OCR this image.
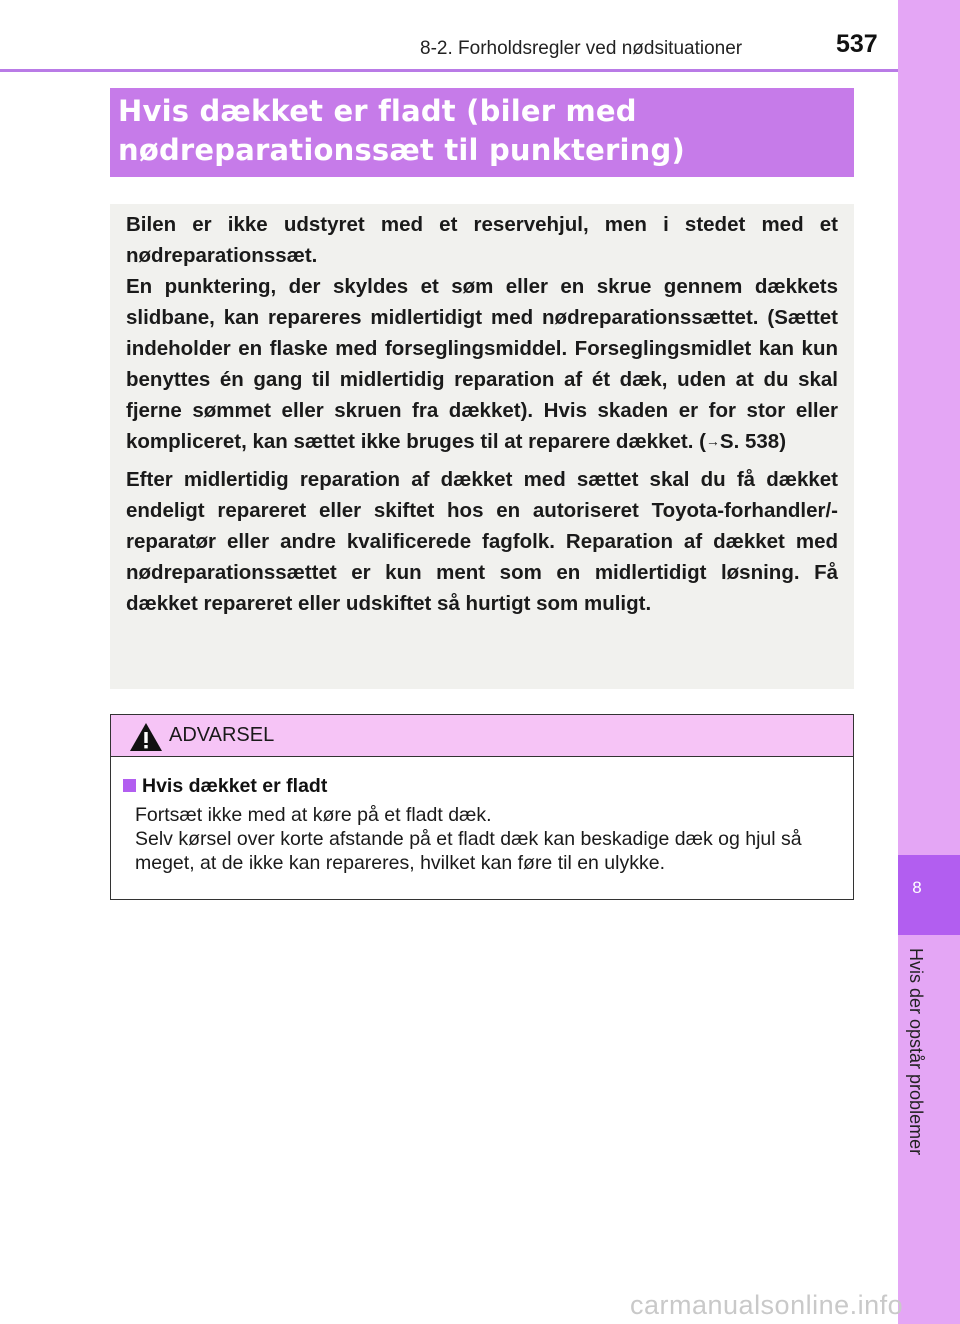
8-2. Forholdsregler ved nødsituationer	537
8
Hvis der opstår problemer
Hvis dækket er fladt (biler med
nødreparationssæt til punktering)

Bilen er ikke udstyret med et reservehjul, men i stedet med et nødreparationssæt.

En punktering, der skyldes et søm eller en skrue gennem dækkets slidbane, kan repareres midlertidigt med nødreparationssættet. (Sættet indeholder en flaske med forseglingsmiddel. Forseglingsmidlet kan kun benyttes én gang til midlertidig reparation af ét dæk, uden at du skal fjerne sømmet eller skruen fra dækket). Hvis skaden er for stor eller kompliceret, kan sættet ikke bruges til at reparere dækket. (→S. 538)

Efter midlertidig reparation af dækket med sættet skal du få dækket endeligt repareret eller skiftet hos en autoriseret Toyota-forhandler/-reparatør eller andre kvalificerede fagfolk. Reparation af dækket med nødreparationssættet er kun ment som en midlertidigt løsning. Få dækket repareret eller udskiftet så hurtigt som muligt.

ADVARSEL
Hvis dækket er fladt
Fortsæt ikke med at køre på et fladt dæk.
Selv kørsel over korte afstande på et fladt dæk kan beskadige dæk og hjul så meget, at de ikke kan repareres, hvilket kan føre til en ulykke.
carmanualsonline.info
